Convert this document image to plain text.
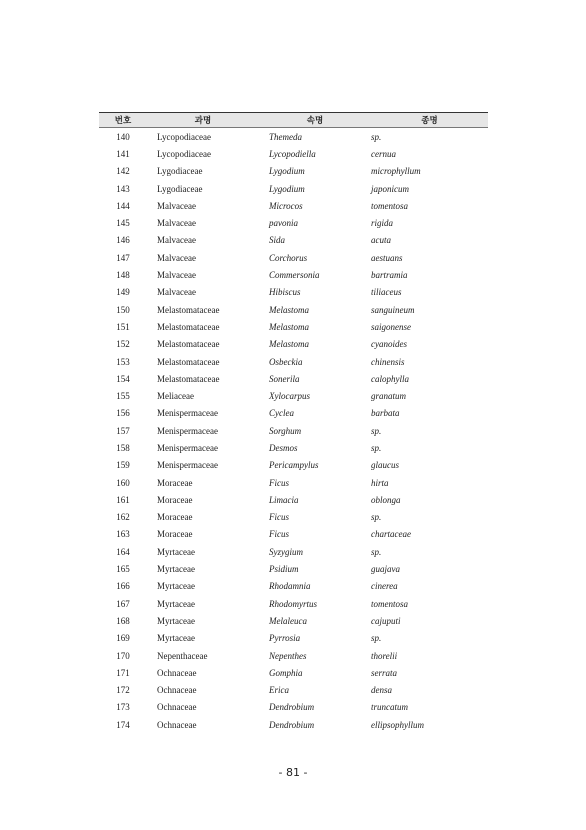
번호	과명	속명	종명
140	Lycopodiaceae	Themeda	sp.
141	Lycopodiaceae	Lycopodiella	cernua
142	Lygodiaceae	Lygodium	microphyllum
143	Lygodiaceae	Lygodium	japonicum
144	Malvaceae	Microcos	tomentosa
145	Malvaceae	pavonia	rigida
146	Malvaceae	Sida	acuta
147	Malvaceae	Corchorus	aestuans
148	Malvaceae	Commersonia	bartramia
149	Malvaceae	Hibiscus	tiliaceus
150	Melastomataceae	Melastoma	sanguineum
151	Melastomataceae	Melastoma	saigonense
152	Melastomataceae	Melastoma	cyanoides
153	Melastomataceae	Osbeckia	chinensis
154	Melastomataceae	Sonerila	calophylla
155	Meliaceae	Xylocarpus	granatum
156	Menispermaceae	Cyclea	barbata
157	Menispermaceae	Sorghum	sp.
158	Menispermaceae	Desmos	sp.
159	Menispermaceae	Pericampylus	glaucus
160	Moraceae	Ficus	hirta
161	Moraceae	Limacia	oblonga
162	Moraceae	Ficus	sp.
163	Moraceae	Ficus	chartaceae
164	Myrtaceae	Syzygium	sp.
165	Myrtaceae	Psidium	guajava
166	Myrtaceae	Rhodamnia	cinerea
167	Myrtaceae	Rhodomyrtus	tomentosa
168	Myrtaceae	Melaleuca	cajuputi
169	Myrtaceae	Pyrrosia	sp.
170	Nepenthaceae	Nepenthes	thorelii
171	Ochnaceae	Gomphia	serrata
172	Ochnaceae	Erica	densa
173	Ochnaceae	Dendrobium	truncatum
174	Ochnaceae	Dendrobium	ellipsophyllum
- 81 -
